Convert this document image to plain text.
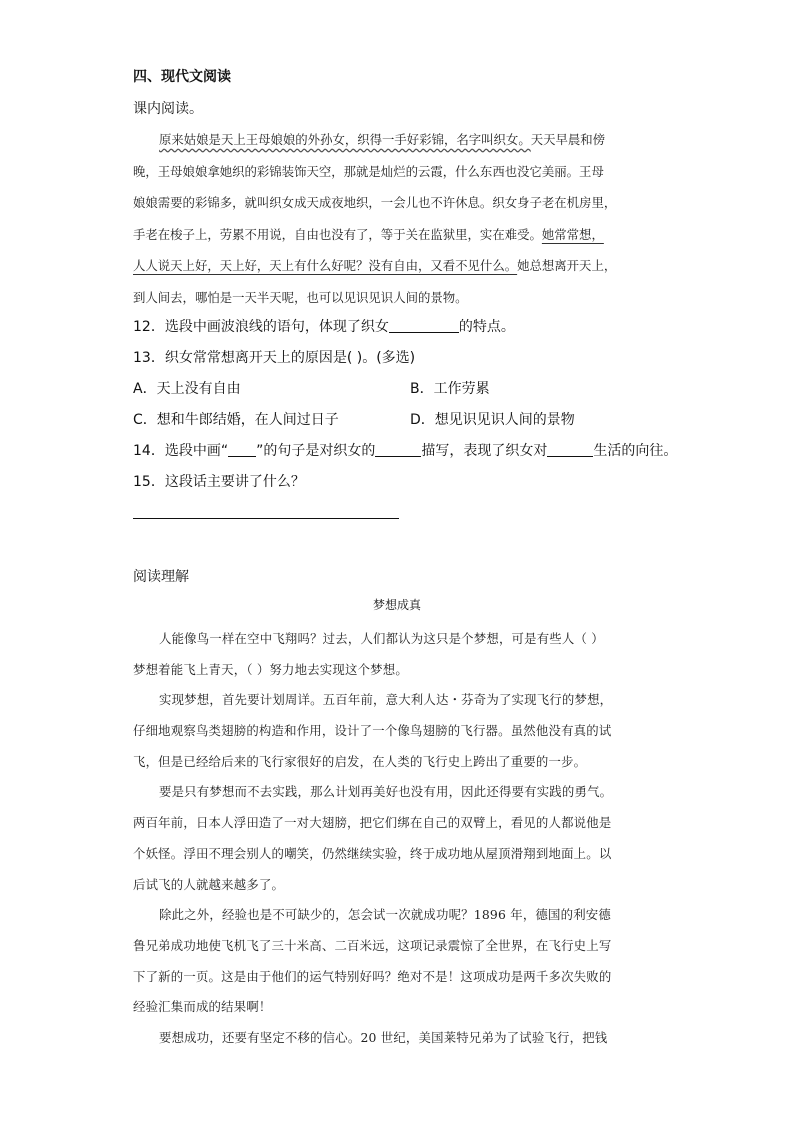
四、现代文阅读
课内阅读。
原来姑娘是天上王母娘娘的外孙女，织得一手好彩锦，名字叫织女。天天早晨和傍
晚，王母娘娘拿她织的彩锦装饰天空，那就是灿烂的云霞，什么东西也没它美丽。王母
娘娘需要的彩锦多，就叫织女成天成夜地织，一会儿也不许休息。织女身子老在机房里，
手老在梭子上，劳累不用说，自由也没有了，等于关在监狱里，实在难受。她常常想，
人人说天上好，天上好，天上有什么好呢？没有自由，又看不见什么。她总想离开天上，
到人间去，哪怕是一天半天呢，也可以见识见识人间的景物。
12．选段中画波浪线的语句，体现了织女	的特点。
13．织女常常想离开天上的原因是( )。(多选)
A．天上没有自由	B．工作劳累
C．想和牛郎结婚，在人间过日子	D．想见识见识人间的景物
14．选段中画“ ”的句子是对织女的	描写，表现了织女对	生活的向往。
15．这段话主要讲了什么？
阅读理解
梦想成真
人能像鸟一样在空中飞翔吗？过去，人们都认为这只是个梦想，可是有些人（ ）
梦想着能飞上青天，（ ）努力地去实现这个梦想。
实现梦想，首先要计划周详。五百年前，意大利人达・芬奇为了实现飞行的梦想，
仔细地观察鸟类翅膀的构造和作用，设计了一个像鸟翅膀的飞行器。虽然他没有真的试
飞，但是已经给后来的飞行家很好的启发，在人类的飞行史上跨出了重要的一步。
要是只有梦想而不去实践，那么计划再美好也没有用，因此还得要有实践的勇气。
两百年前，日本人浮田造了一对大翅膀，把它们绑在自己的双臂上，看见的人都说他是
个妖怪。浮田不理会别人的嘲笑，仍然继续实验，终于成功地从屋顶滑翔到地面上。以
后试飞的人就越来越多了。
除此之外，经验也是不可缺少的，怎会试一次就成功呢？1896 年，德国的利安德
鲁兄弟成功地使飞机飞了三十米高、二百米远，这项记录震惊了全世界，在飞行史上写
下了新的一页。这是由于他们的运气特别好吗？绝对不是！这项成功是两千多次失败的
经验汇集而成的结果啊！
要想成功，还要有坚定不移的信心。20 世纪，美国莱特兄弟为了试验飞行，把钱
